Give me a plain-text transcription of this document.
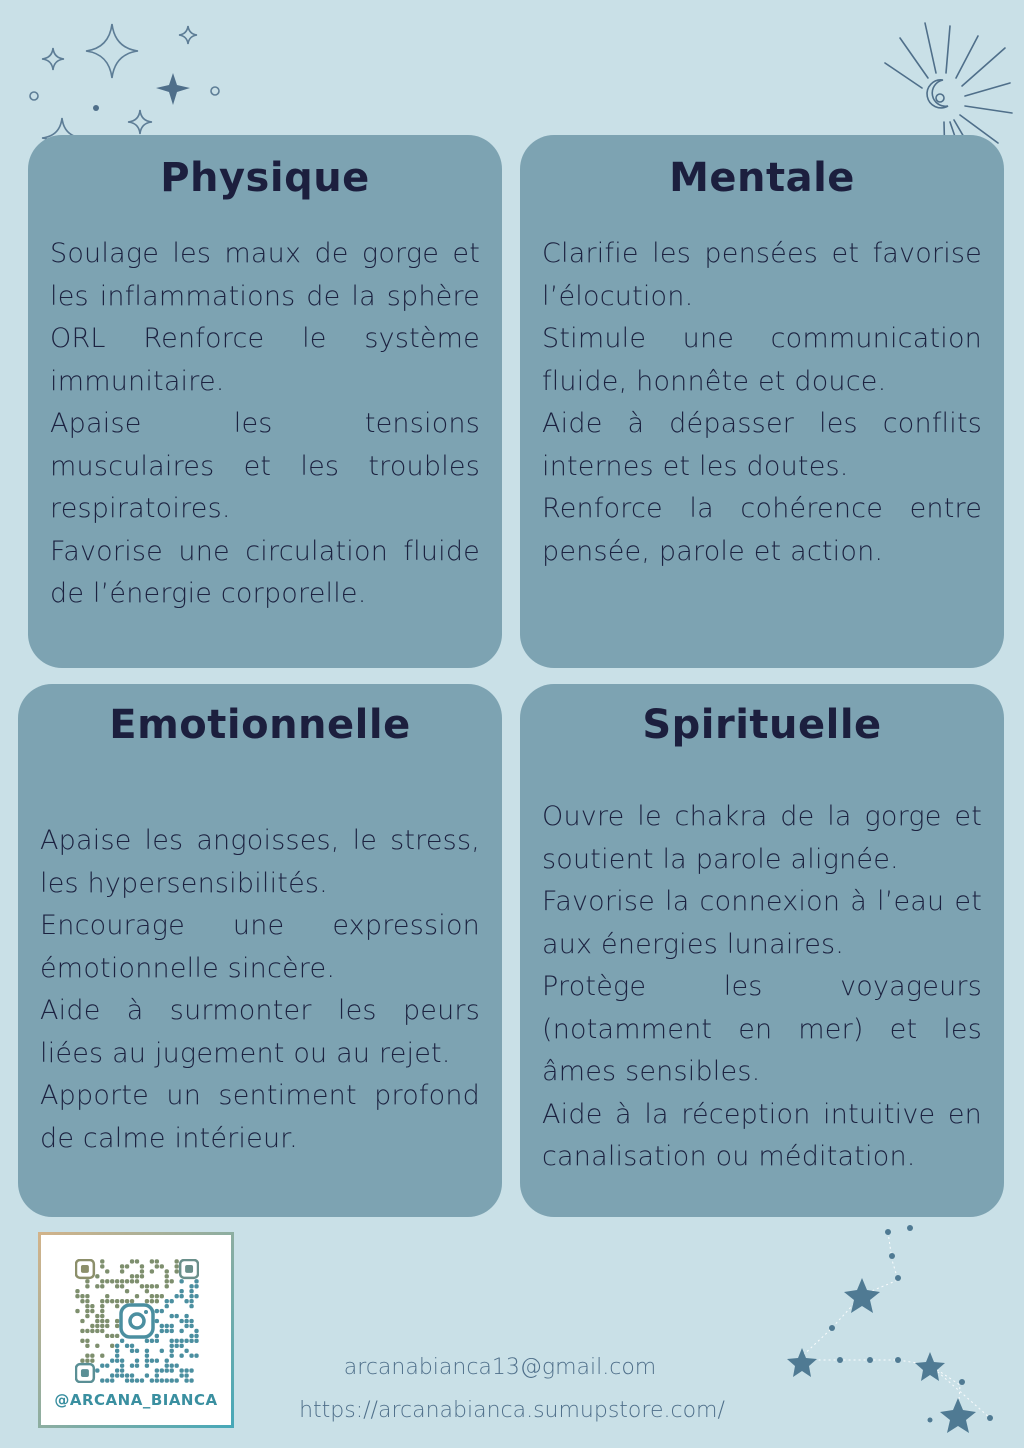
Physique

Soulage les maux de gorge et les inflammations de la sphère ORL Renforce le système immunitaire.

Apaise les tensions musculaires et les troubles respiratoires.

Favorise une circulation fluide de l’énergie corporelle.

Mentale

Clarifie les pensées et favorise l’élocution.

Stimule une communication fluide, honnête et douce.

Aide à dépasser les conflits internes et les doutes.

Renforce la cohérence entre pensée, parole et action.

Emotionnelle

Apaise les angoisses, le stress, les hypersensibilités.

Encourage une expression émotionnelle sincère.

Aide à surmonter les peurs liées au jugement ou au rejet.

Apporte un sentiment profond de calme intérieur.

Spirituelle

Ouvre le chakra de la gorge et soutient la parole alignée.

Favorise la connexion à l’eau et aux énergies lunaires.

Protège les voyageurs (notamment en mer) et les âmes sensibles.

Aide à la réception intuitive en canalisation ou méditation.

@ARCANA_BIANCA
arcanabianca13@gmail.com
https://arcanabianca.sumupstore.com/
